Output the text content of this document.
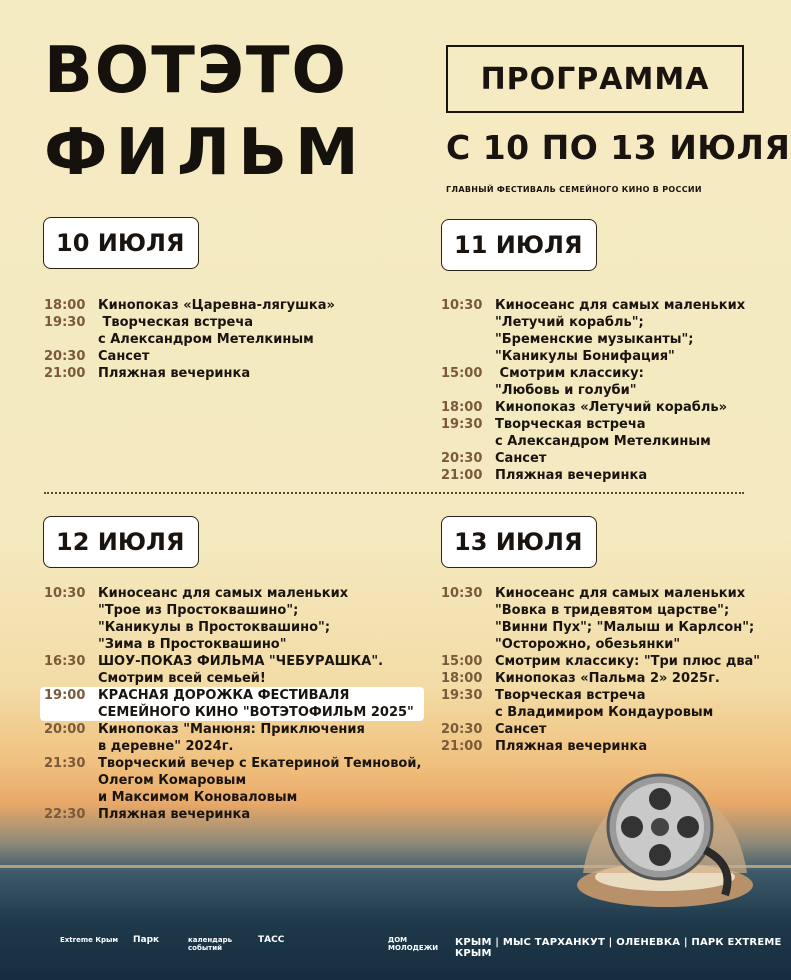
ВОТЭТО
ФИЛЬМ
ПРОГРАММА
С 10 ПО 13 ИЮЛЯ
ГЛАВНЫЙ ФЕСТИВАЛЬ СЕМЕЙНОГО КИНО В РОССИИ
10 ИЮЛЯ	11 ИЮЛЯ
12 ИЮЛЯ	13 ИЮЛЯ
18:00 Кинопоказ «Царевна-лягушка»
19:30	Творческая встреча
с Александром Метелкиным
20:30 Сансет
21:00 Пляжная вечеринка
10:30 Киносеанс для самых маленьких
"Летучий корабль";
"Бременские музыканты";
"Каникулы Бонифация"
15:00	Смотрим классику:
"Любовь и голуби"
18:00 Кинопоказ «Летучий корабль»
19:30 Творческая встреча
с Александром Метелкиным
20:30 Сансет
21:00 Пляжная вечеринка
10:30 Киносеанс для самых маленьких
"Трое из Простоквашино";
"Каникулы в Простоквашино";
"Зима в Простоквашино"
16:30 ШОУ-ПОКАЗ ФИЛЬМА "ЧЕБУРАШКА".
Смотрим всей семьей!
19:00 КРАСНАЯ ДОРОЖКА ФЕСТИВАЛЯ
СЕМЕЙНОГО КИНО "ВОТЭТОФИЛЬМ 2025"
20:00 Кинопоказ "Манюня: Приключения
в деревне" 2024г.
21:30 Творческий вечер с Екатериной Темновой,
Олегом Комаровым
и Максимом Коноваловым
22:30 Пляжная вечеринка
10:30 Киносеанс для самых маленьких
"Вовка в тридевятом царстве";
"Винни Пух"; "Малыш и Карлсон";
"Осторожно, обезьянки"
15:00 Смотрим классику: "Три плюс два"
18:00 Кинопоказ «Пальма 2» 2025г.
19:30 Творческая встреча
с Владимиром Кондауровым
20:30 Сансет
21:00 Пляжная вечеринка
Extreme Крым Парк	календарь событий
ТАСС	ДОМ МОЛОДЕЖИ КРЫМ | МЫС ТАРХАНКУТ | ОЛЕНЕВКА | ПАРК EXTREME КРЫМ
